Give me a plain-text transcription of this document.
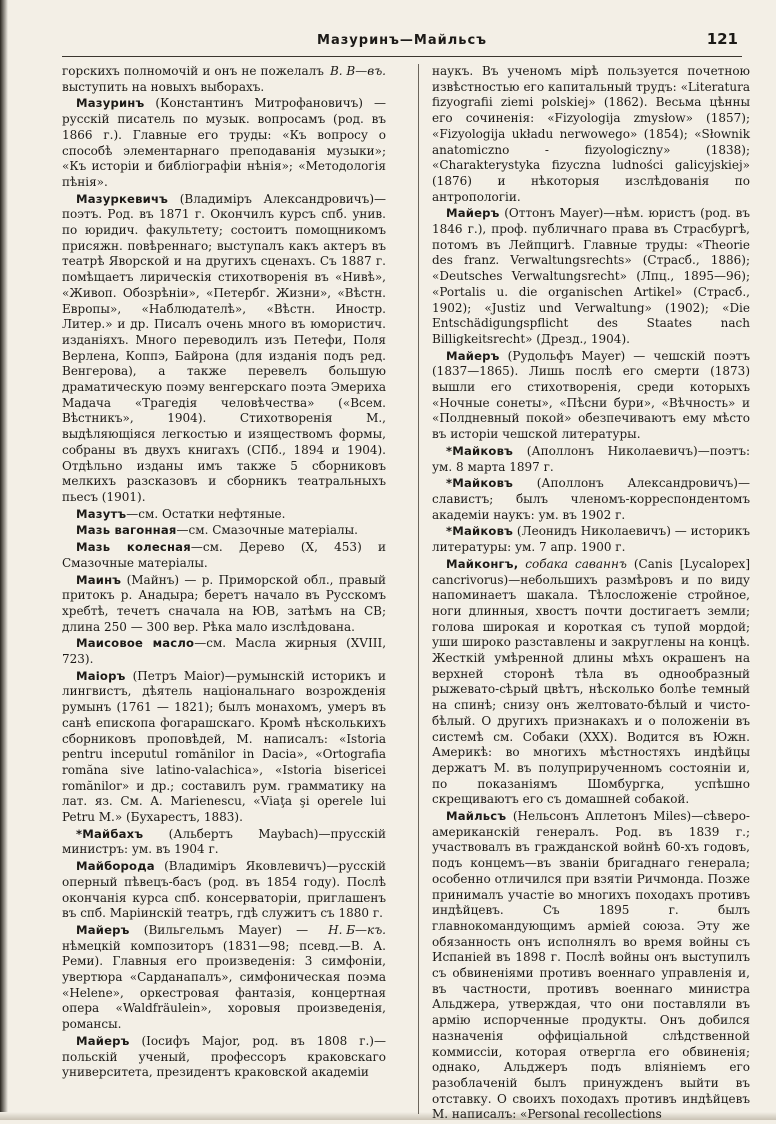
Мазуринъ—Майльсъ	121

В. В—въ.
горскихъ полномочій и онъ не пожелалъ выступить на новыхъ выборахъ.

Мазуринъ (Константинъ Митрофановичъ) — русскій писатель по музык. вопросамъ (род. въ 1866 г.). Главные его труды: «Къ вопросу о способѣ элементарнаго преподаванія музыки»; «Къ исторіи и библіографіи нѣнія»; «Методологія пѣнія».

Мазуркевичъ (Владиміръ Александровичъ)—поэтъ. Род. въ 1871 г. Окончилъ курсъ спб. унив. по юридич. факультету; состоитъ помощникомъ присяжн. повѣреннаго; выступалъ какъ актеръ въ театрѣ Яворской и на другихъ сценахъ. Съ 1887 г. помѣщаетъ лирическія стихотворенія въ «Нивѣ», «Живоп. Обозрѣніи», «Петербг. Жизни», «Вѣстн. Европы», «Наблюдателѣ», «Вѣстн. Иностр. Литер.» и др. Писалъ очень много въ юмористич. изданіяхъ. Много переводилъ изъ Петефи, Поля Верлена, Коппэ, Байрона (для изданія подъ ред. Венгерова), а также перевелъ большую драматическую поэму венгерскаго поэта Эмериха Мадача «Трагедія человѣчества» («Всем. Вѣстникъ», 1904). Стихотворенія М., выдѣляющіяся легкостью и изяществомъ формы, собраны въ двухъ книгахъ (СПб., 1894 и 1904). Отдѣльно изданы имъ также 5 сборниковъ мелкихъ разсказовъ и сборникъ театральныхъ пьесъ (1901).

Мазутъ—см. Остатки нефтяные.

Мазь вагонная—см. Смазочные матеріалы.

Мазь колесная—см. Дерево (X, 453) и Смазочные матеріалы.

Маинъ (Майнъ) — р. Приморской обл., правый притокъ р. Анадыра; беретъ начало въ Русскомъ хребтѣ, течетъ сначала на ЮВ, затѣмъ на СВ; длина 250 — 300 вер. Рѣка мало изслѣдована.

Маисовое масло—см. Масла жирныя (XVIII, 723).

Маіоръ (Петръ Maior)—румынскій историкъ и лингвистъ, дѣятель національнаго возрожденія румынъ (1761 — 1821); былъ монахомъ, умеръ въ санѣ епископа фогарашскаго. Кромѣ нѣсколькихъ сборниковъ проповѣдей, М. написалъ: «Istoria pentru inceputul romănilor in Dacia», «Ortografia romăna sive latino-valachica», «Istoria bisericei romănilor» и др.; составилъ рум. грамматику на лат. яз. См. A. Marienescu, «Viaţa şi operele lui Petru M.» (Бухарестъ, 1883).

*Майбахъ (Альбертъ Maybach)—прусскій министръ: ум. въ 1904 г.

Майборода (Владиміръ Яковлевичъ)—русскій оперный пѣвецъ-басъ (род. въ 1854 году). Послѣ окончанія курса спб. консерваторіи, приглашенъ въ спб. Маріинскій театръ, гдѣ служитъ съ 1880 г.

Н. Б—къ.
Майеръ (Вильгельмъ Mayer) — нѣмецкій композиторъ (1831—98; псевд.—В. А. Реми). Главныя его произведенія: 3 симфоніи, увертюра «Сарданапалъ», симфоническая поэма «Helene», оркестровая фантазія, концертная опера «Waldfräulein», хоровыя произведенія, романсы.

Майеръ (Іосифъ Major, род. въ 1808 г.)—польскій ученый, профессоръ краковскаго университета, президентъ краковской академіи

наукъ. Въ ученомъ мірѣ пользуется почетною извѣстностью его капитальный трудъ: «Literatura fizyografii ziemi polskiej» (1862). Весьма цѣнны его сочиненія: «Fizyologija zmysłow» (1857); «Fizyologija układu nerwowego» (1854); «Słownik anatomiczno - fizyologiczny» (1838); «Charakterystyka fizyczna ludności galicyjskiej» (1876) и нѣкоторыя изслѣдованія по антропологіи.

Майеръ (Оттонъ Mayer)—нѣм. юристъ (род. въ 1846 г.), проф. публичнаго права въ Страсбургѣ, потомъ въ Лейпцигѣ. Главные труды: «Theorie des franz. Verwaltungsrechts» (Страсб., 1886); «Deutsches Verwaltungsrecht» (Лпц., 1895—96); «Portalis u. die organischen Artikel» (Страсб., 1902); «Justiz und Verwaltung» (1902); «Die Entschädigungspflicht des Staates nach Billigkeitsrecht» (Дрезд., 1904).

Майеръ (Рудольфъ Mayer) — чешскій поэтъ (1837—1865). Лишь послѣ его смерти (1873) вышли его стихотворенія, среди которыхъ «Ночные сонеты», «Пѣсни бури», «Вѣчность» и «Полдневный покой» обезпечиваютъ ему мѣсто въ исторіи чешской литературы.

*Майковъ (Аполлонъ Николаевичъ)—поэтъ: ум. 8 марта 1897 г.

*Майковъ (Аполлонъ Александровичъ)—славистъ; былъ членомъ-корреспондентомъ академіи наукъ: ум. въ 1902 г.

*Майковъ (Леонидъ Николаевичъ) — историкъ литературы: ум. 7 апр. 1900 г.

Майконгъ, собака саваннъ (Canis [Lycalopex] cancrivorus)—небольшихъ размѣровъ и по виду напоминаетъ шакала. Тѣлосложеніе стройное, ноги длинныя, хвостъ почти достигаетъ земли; голова широкая и короткая съ тупой мордой; уши широко разставлены и закруглены на концѣ. Жесткій умѣренной длины мѣхъ окрашенъ на верхней сторонѣ тѣла въ однообразный рыжевато-сѣрый цвѣтъ, нѣсколько болѣе темный на спинѣ; снизу онъ желтовато-бѣлый и чисто-бѣлый. О другихъ признакахъ и о положеніи въ системѣ см. Собаки (XXX). Водится въ Южн. Америкѣ: во многихъ мѣстностяхъ индѣйцы держатъ М. въ полуприрученномъ состояніи и, по показаніямъ Шомбургка, успѣшно скрещиваютъ его съ домашней собакой.

Майльсъ (Нельсонъ Аплетонъ Miles)—сѣверо-американскій генералъ. Род. въ 1839 г.; участвовалъ въ гражданской войнѣ 60-хъ годовъ, подъ концемъ—въ званіи бригаднаго генерала; особенно отличился при взятіи Ричмонда. Позже принималъ участіе во многихъ походахъ противъ индѣйцевъ. Съ 1895 г. былъ главнокомандующимъ арміей союза. Эту же обязанность онъ исполнялъ во время войны съ Испаніей въ 1898 г. Послѣ войны онъ выступилъ съ обвиненіями противъ военнаго управленія и, въ частности, противъ военнаго министра Альджера, утверждая, что они поставляли въ армію испорченные продукты. Онъ добился назначенія оффиціальной слѣдственной коммиссіи, которая отвергла его обвиненія; однако, Альджеръ подъ вліяніемъ его разоблаченій былъ принужденъ выйти въ отставку. О своихъ походахъ противъ индѣйцевъ М. написалъ: «Personal recollections
